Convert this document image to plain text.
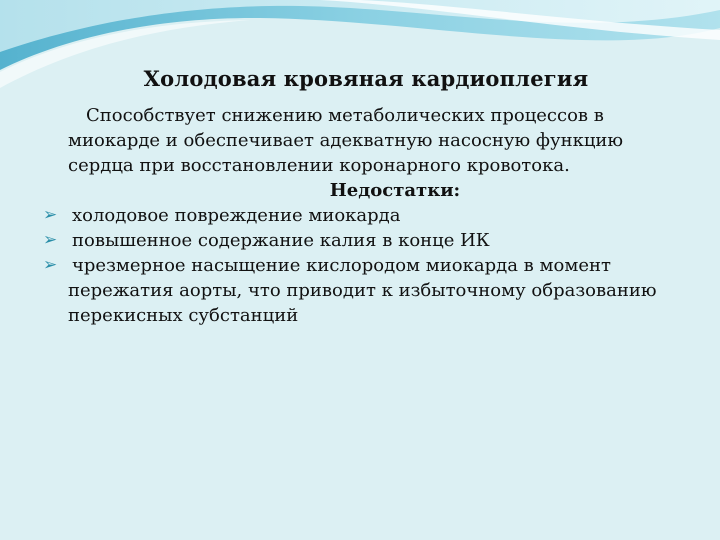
Холодовая кровяная кардиоплегия

Способствует снижению метаболических процессов в миокарде и обеспечивает адекватную насосную функцию сердца при восстановлении коронарного кровотока.

Недостатки:

➢ холодовое повреждение миокарда
➢ повышенное содержание калия в конце ИК
➢ чрезмерное насыщение кислородом миокарда в момент пережатия аорты, что приводит к избыточному образованию перекисных субстанций
